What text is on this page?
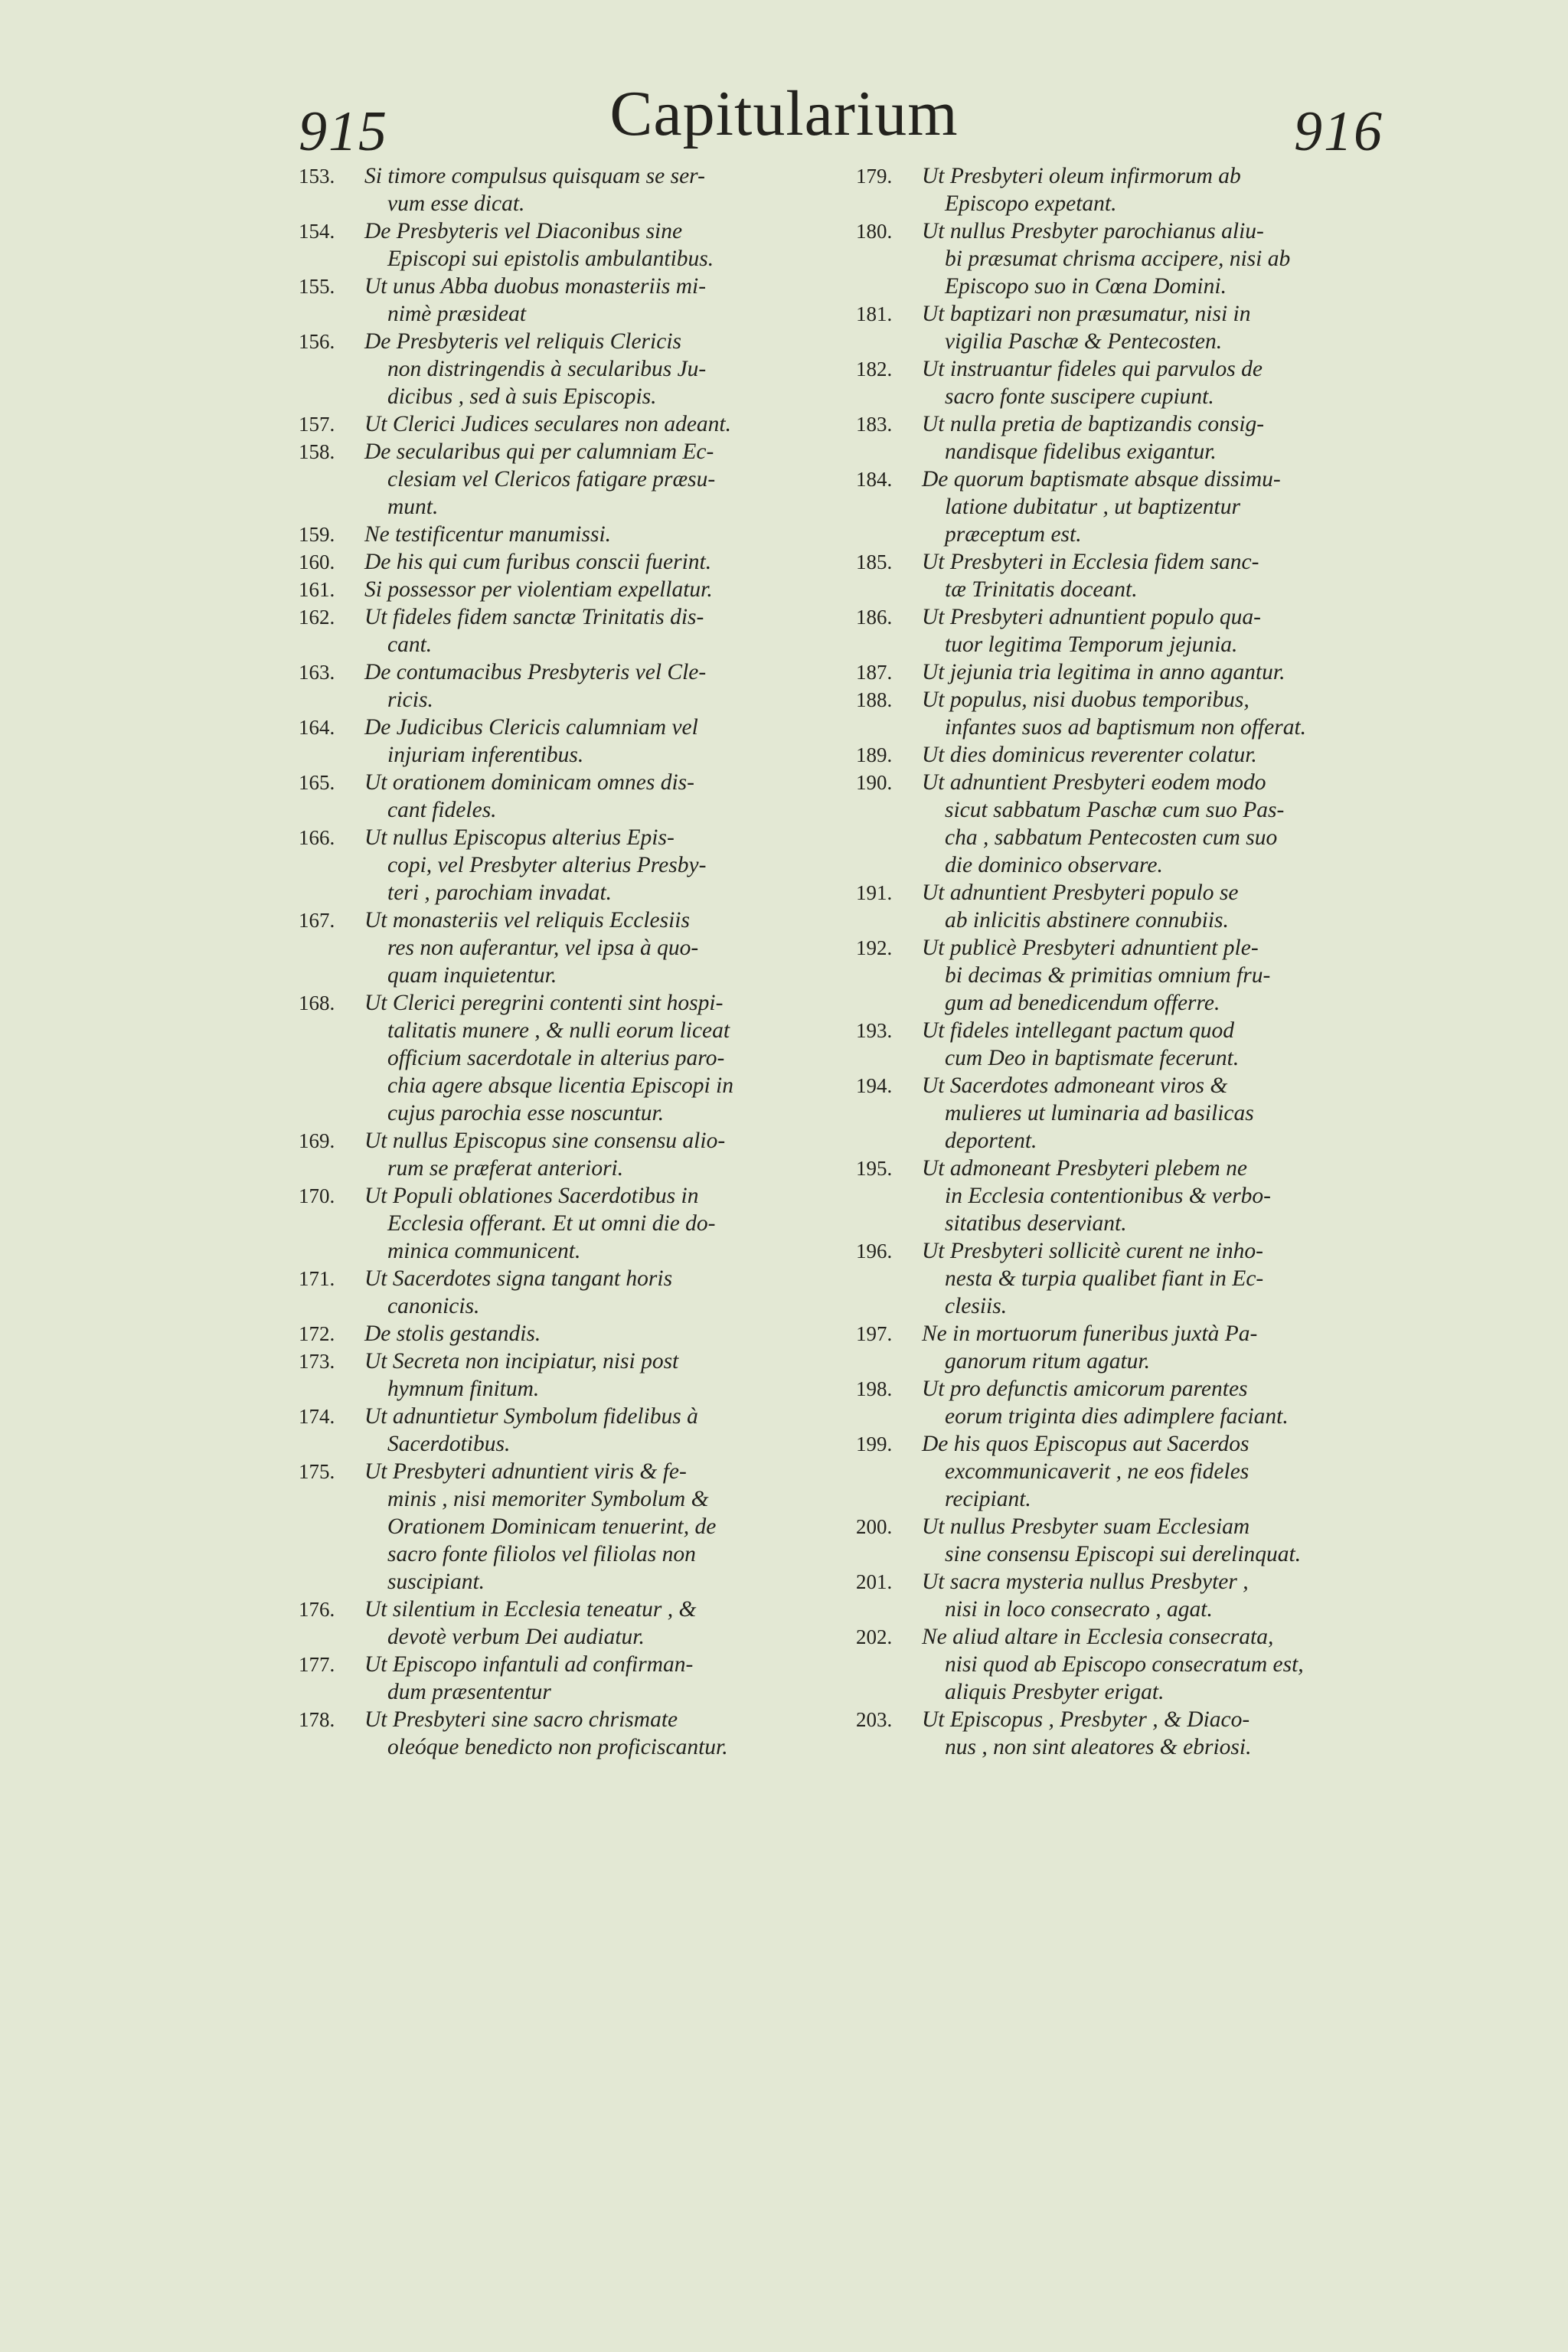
915	Capitularium	916
153.	Si timore compulsus quisquam se ser-
vum esse dicat.
154.	De Presbyteris vel Diaconibus sine
Episcopi sui epistolis ambulantibus.
155.	Ut unus Abba duobus monasteriis mi-
nimè præsideat
156.	De Presbyteris vel reliquis Clericis
non distringendis à secularibus Ju-
dicibus , sed à suis Episcopis.
157.	Ut Clerici Judices seculares non adeant.
158.	De secularibus qui per calumniam Ec-
clesiam vel Clericos fatigare præsu-
munt.
159.	Ne testificentur manumissi.
160.	De his qui cum furibus conscii fuerint.
161.	Si possessor per violentiam expellatur.
162.	Ut fideles fidem sanctæ Trinitatis dis-
cant.
163.	De contumacibus Presbyteris vel Cle-
ricis.
164.	De Judicibus Clericis calumniam vel
injuriam inferentibus.
165.	Ut orationem dominicam omnes dis-
cant fideles.
166.	Ut nullus Episcopus alterius Epis-
copi, vel Presbyter alterius Presby-
teri , parochiam invadat.
167.	Ut monasteriis vel reliquis Ecclesiis
res non auferantur, vel ipsa à quo-
quam inquietentur.
168.	Ut Clerici peregrini contenti sint hospi-
talitatis munere , & nulli eorum liceat
officium sacerdotale in alterius paro-
chia agere absque licentia Episcopi in
cujus parochia esse noscuntur.
169.	Ut nullus Episcopus sine consensu alio-
rum se præferat anteriori.
170.	Ut Populi oblationes Sacerdotibus in
Ecclesia offerant. Et ut omni die do-
minica communicent.
171.	Ut Sacerdotes signa tangant horis
canonicis.
172.	De stolis gestandis.
173.	Ut Secreta non incipiatur, nisi post
hymnum finitum.
174.	Ut adnuntietur Symbolum fidelibus à
Sacerdotibus.
175.	Ut Presbyteri adnuntient viris & fe-
minis , nisi memoriter Symbolum &
Orationem Dominicam tenuerint, de
sacro fonte filiolos vel filiolas non
suscipiant.
176.	Ut silentium in Ecclesia teneatur , &
devotè verbum Dei audiatur.
177.	Ut Episcopo infantuli ad confirman-
dum præsententur
178.	Ut Presbyteri sine sacro chrismate
oleóque benedicto non proficiscantur.
179.	Ut Presbyteri oleum infirmorum ab
Episcopo expetant.
180.	Ut nullus Presbyter parochianus aliu-
bi præsumat chrisma accipere, nisi ab
Episcopo suo in Cœna Domini.
181.	Ut baptizari non præsumatur, nisi in
vigilia Paschæ & Pentecosten.
182.	Ut instruantur fideles qui parvulos de
sacro fonte suscipere cupiunt.
183.	Ut nulla pretia de baptizandis consig-
nandisque fidelibus exigantur.
184.	De quorum baptismate absque dissimu-
latione dubitatur , ut baptizentur
præceptum est.
185.	Ut Presbyteri in Ecclesia fidem sanc-
tæ Trinitatis doceant.
186.	Ut Presbyteri adnuntient populo qua-
tuor legitima Temporum jejunia.
187.	Ut jejunia tria legitima in anno agantur.
188.	Ut populus, nisi duobus temporibus,
infantes suos ad baptismum non offerat.
189.	Ut dies dominicus reverenter colatur.
190.	Ut adnuntient Presbyteri eodem modo
sicut sabbatum Paschæ cum suo Pas-
cha , sabbatum Pentecosten cum suo
die dominico observare.
191.	Ut adnuntient Presbyteri populo se
ab inlicitis abstinere connubiis.
192.	Ut publicè Presbyteri adnuntient ple-
bi decimas & primitias omnium fru-
gum ad benedicendum offerre.
193.	Ut fideles intellegant pactum quod
cum Deo in baptismate fecerunt.
194.	Ut Sacerdotes admoneant viros &
mulieres ut luminaria ad basilicas
deportent.
195.	Ut admoneant Presbyteri plebem ne
in Ecclesia contentionibus & verbo-
sitatibus deserviant.
196.	Ut Presbyteri sollicitè curent ne inho-
nesta & turpia qualibet fiant in Ec-
clesiis.
197.	Ne in mortuorum funeribus juxtà Pa-
ganorum ritum agatur.
198.	Ut pro defunctis amicorum parentes
eorum triginta dies adimplere faciant.
199.	De his quos Episcopus aut Sacerdos
excommunicaverit , ne eos fideles
recipiant.
200.	Ut nullus Presbyter suam Ecclesiam
sine consensu Episcopi sui derelinquat.
201.	Ut sacra mysteria nullus Presbyter ,
nisi in loco consecrato , agat.
202.	Ne aliud altare in Ecclesia consecrata,
nisi quod ab Episcopo consecratum est,
aliquis Presbyter erigat.
203.	Ut Episcopus , Presbyter , & Diaco-
nus , non sint aleatores & ebriosi.
